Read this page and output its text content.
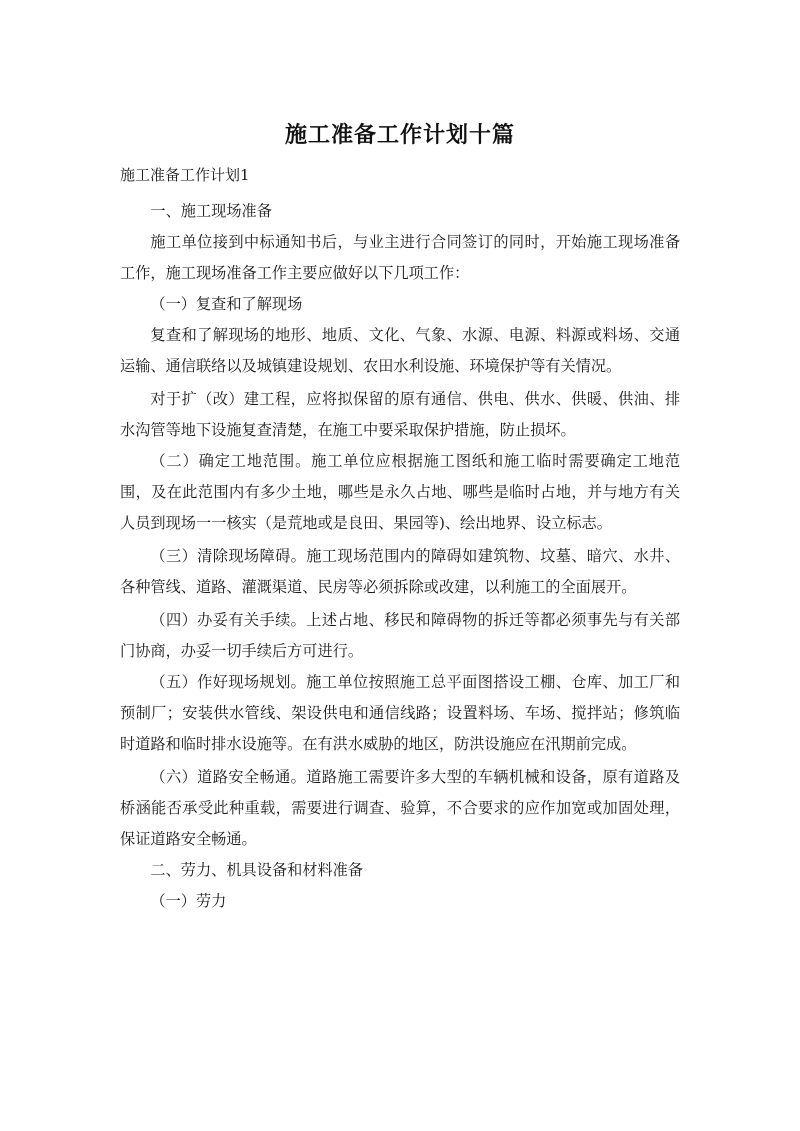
施工准备工作计划十篇
施工准备工作计划1

一、施工现场准备

施工单位接到中标通知书后，与业主进行合同签订的同时，开始施工现场准备工作，施工现场准备工作主要应做好以下几项工作：

（一）复查和了解现场

复查和了解现场的地形、地质、文化、气象、水源、电源、料源或料场、交通运输、通信联络以及城镇建设规划、农田水利设施、环境保护等有关情况。

对于扩（改）建工程，应将拟保留的原有通信、供电、供水、供暖、供油、排水沟管等地下设施复查清楚，在施工中要采取保护措施，防止损坏。

（二）确定工地范围。施工单位应根据施工图纸和施工临时需要确定工地范围，及在此范围内有多少土地，哪些是永久占地、哪些是临时占地，并与地方有关人员到现场一一核实（是荒地或是良田、果园等)、绘出地界、设立标志。

（三）清除现场障碍。施工现场范围内的障碍如建筑物、坟墓、暗穴、水井、各种管线、道路、灌溉渠道、民房等必须拆除或改建，以利施工的全面展开。

（四）办妥有关手续。上述占地、移民和障碍物的拆迁等都必须事先与有关部门协商，办妥一切手续后方可进行。

（五）作好现场规划。施工单位按照施工总平面图搭设工棚、仓库、加工厂和预制厂；安装供水管线、架设供电和通信线路；设置料场、车场、搅拌站；修筑临时道路和临时排水设施等。在有洪水威胁的地区，防洪设施应在汛期前完成。

（六）道路安全畅通。道路施工需要许多大型的车辆机械和设备，原有道路及桥涵能否承受此种重载，需要进行调查、验算，不合要求的应作加宽或加固处理，保证道路安全畅通。

二、劳力、机具设备和材料准备

（一）劳力
